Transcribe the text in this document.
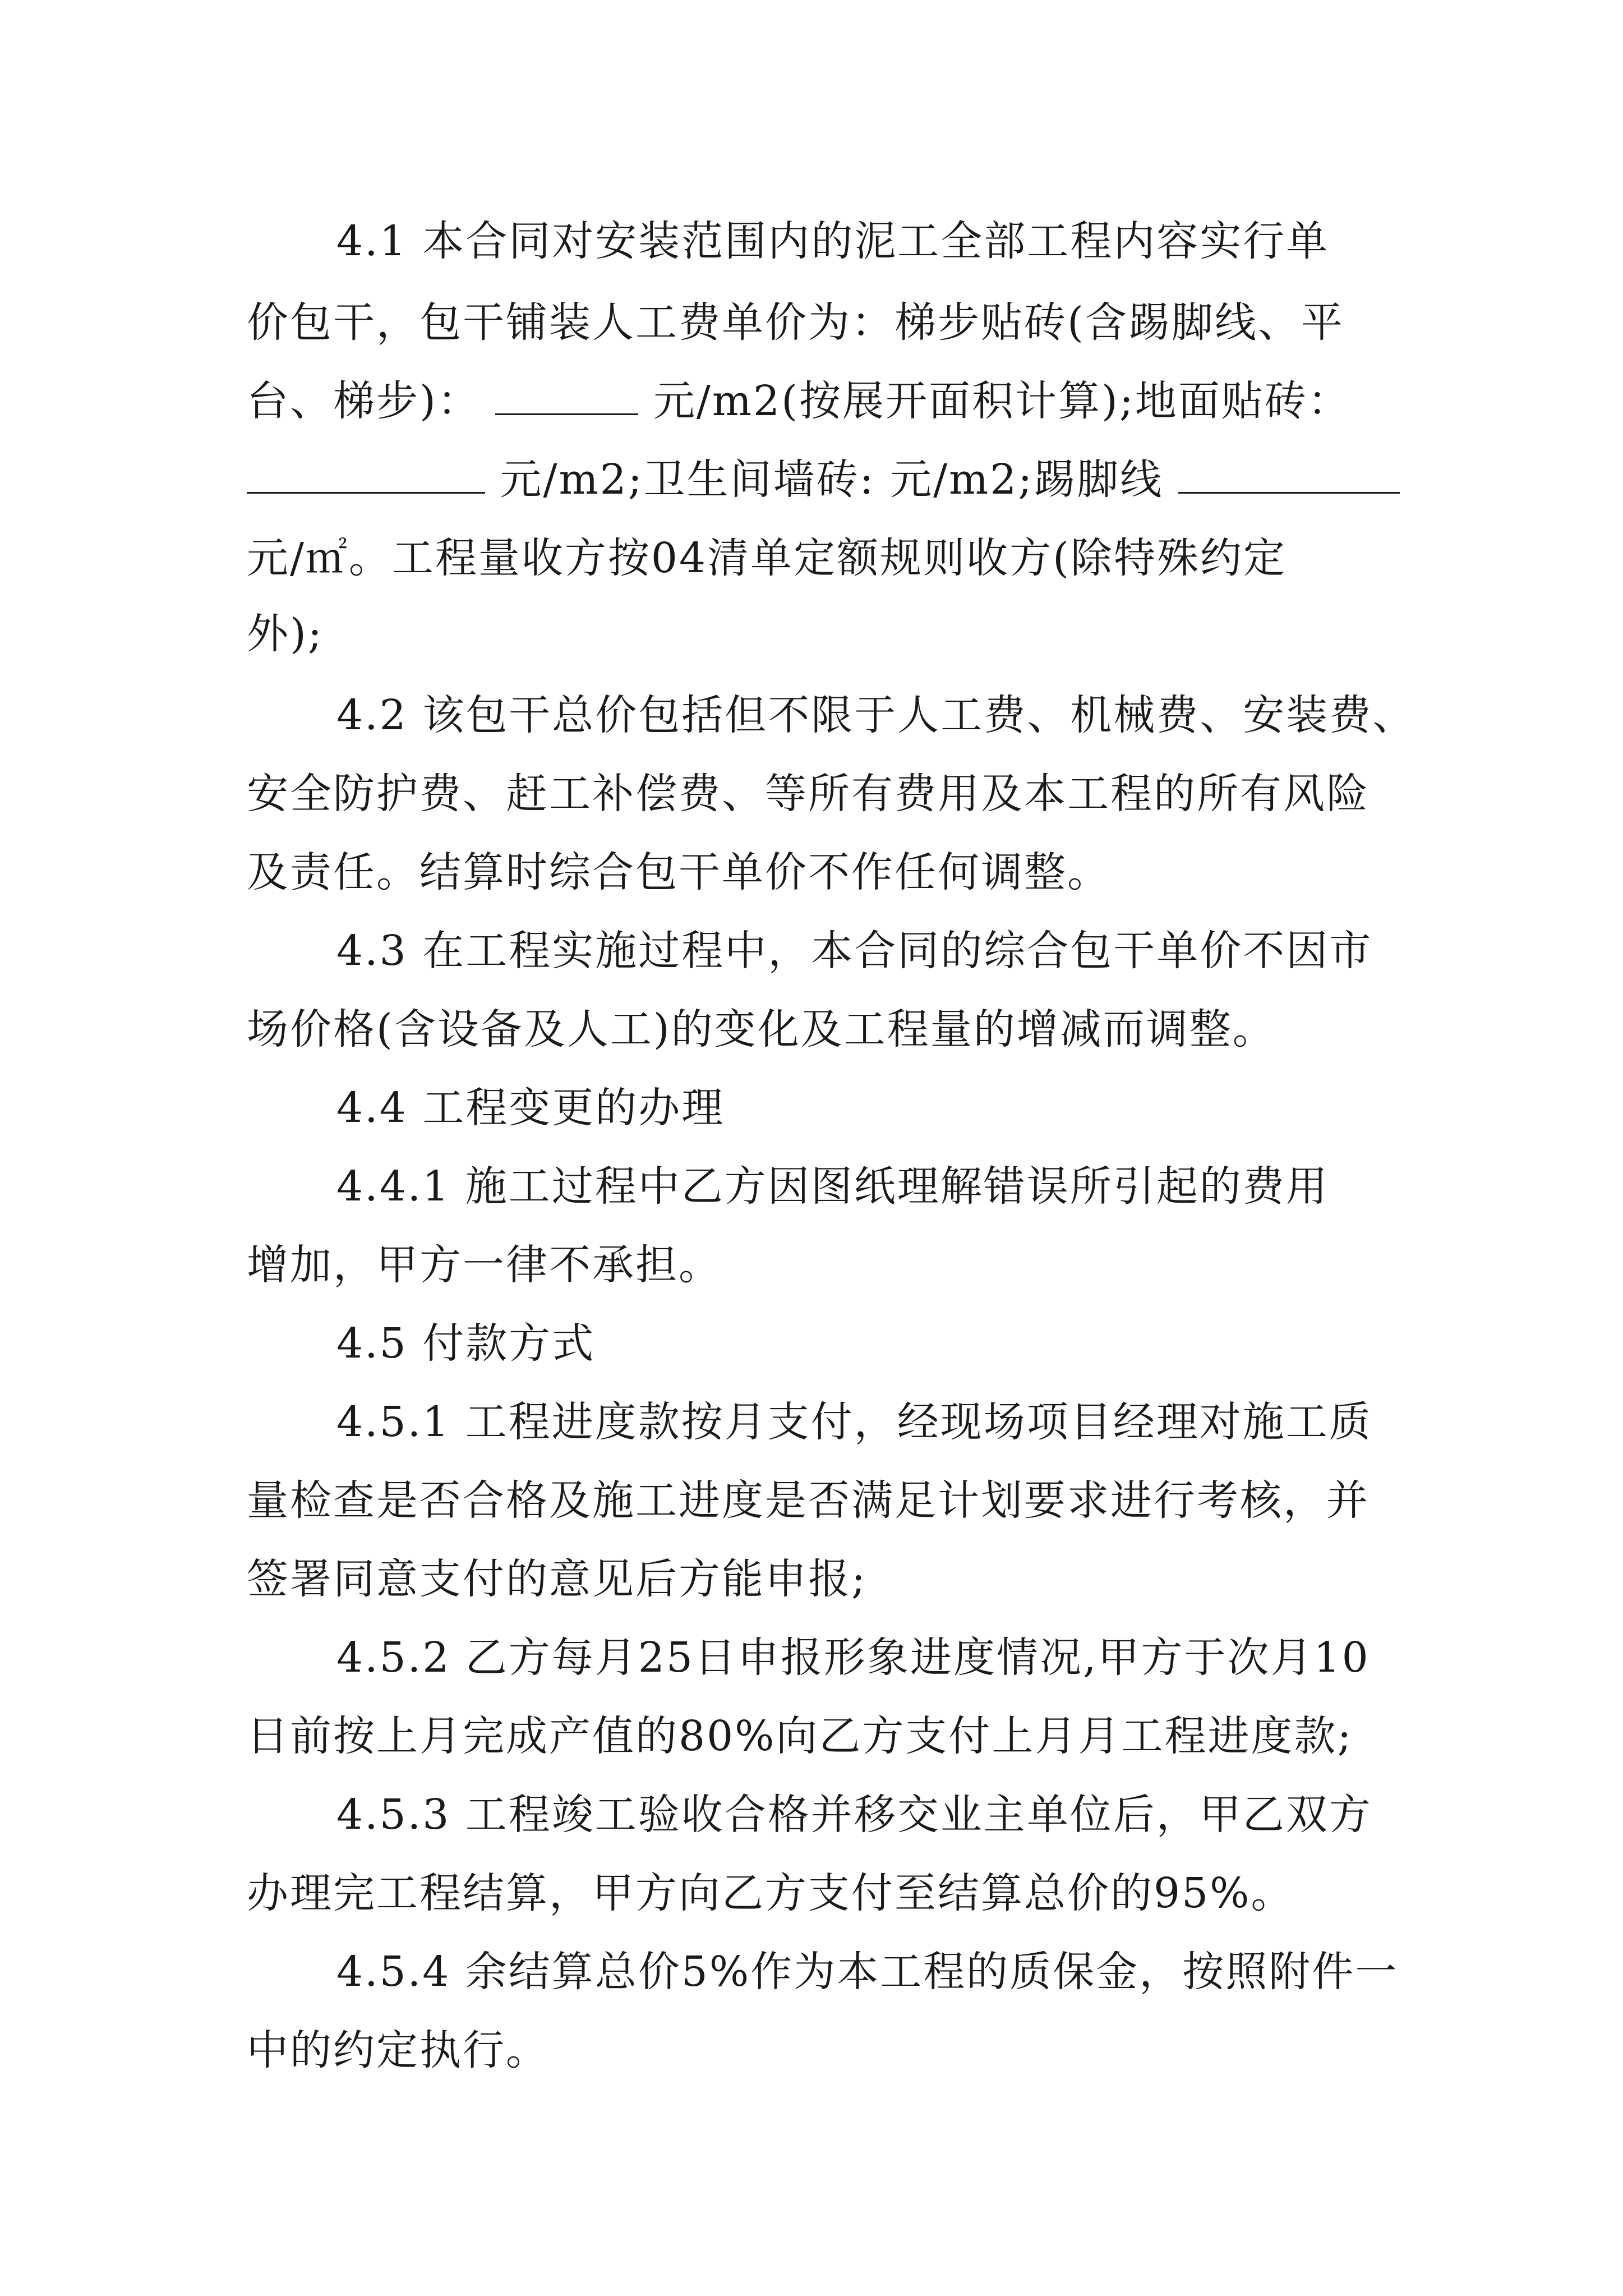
4.1 本合同对安装范围内的泥工全部工程内容实行单
价包干，包干铺装人工费单价为：梯步贴砖(含踢脚线、平
台、梯步)：	元/m2(按展开面积计算);地面贴砖：
元/m2;卫生间墙砖: 元/m2;踢脚线
元/㎡。工程量收方按04清单定额规则收方(除特殊约定
外);
4.2 该包干总价包括但不限于人工费、机械费、安装费、
安全防护费、赶工补偿费、等所有费用及本工程的所有风险
及责任。结算时综合包干单价不作任何调整。
4.3 在工程实施过程中，本合同的综合包干单价不因市
场价格(含设备及人工)的变化及工程量的增减而调整。
4.4 工程变更的办理
4.4.1 施工过程中乙方因图纸理解错误所引起的费用
增加，甲方一律不承担。
4.5 付款方式
4.5.1 工程进度款按月支付，经现场项目经理对施工质
量检查是否合格及施工进度是否满足计划要求进行考核，并
签署同意支付的意见后方能申报;
4.5.2 乙方每月25日申报形象进度情况,甲方于次月10
日前按上月完成产值的80%向乙方支付上月月工程进度款;
4.5.3 工程竣工验收合格并移交业主单位后，甲乙双方
办理完工程结算，甲方向乙方支付至结算总价的95%。
4.5.4 余结算总价5%作为本工程的质保金，按照附件一
中的约定执行。
